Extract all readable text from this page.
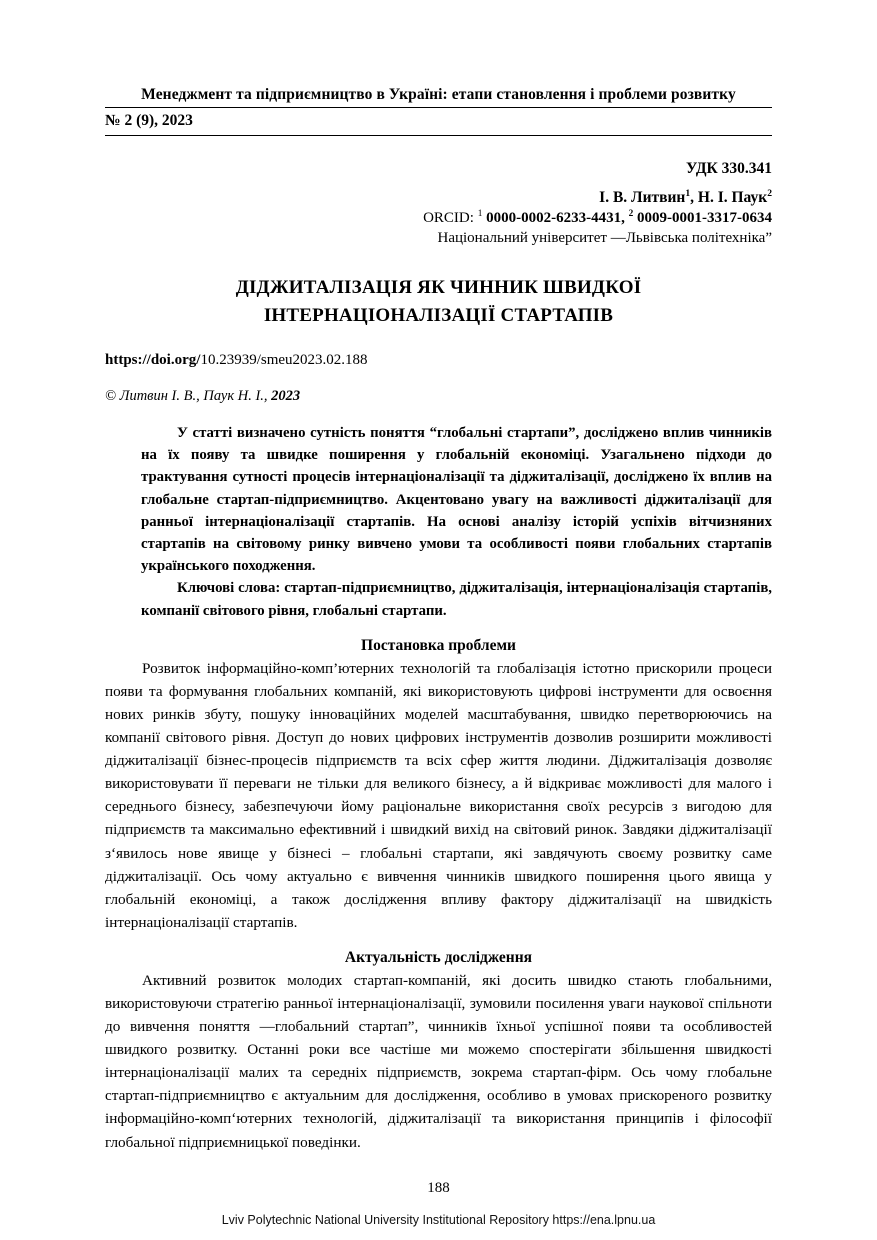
Менеджмент та підприємництво в Україні: етапи становлення і проблеми розвитку
№ 2 (9), 2023
УДК 330.341
І. В. Литвин$^1$, Н. І. Паук$^2$
ORCID: $^1$ 0000-0002-6233-4431, $^2$ 0009-0001-3317-0634
Національний університет —Львівська політехніка”
ДІДЖИТАЛІЗАЦІЯ ЯК ЧИННИК ШВИДКОЇ
ІНТЕРНАЦІОНАЛІЗАЦІЇ СТАРТАПІВ
https://doi.org/10.23939/smeu2023.02.188
© Литвин І. В., Паук Н. І., 2023

У статті визначено сутність поняття “глобальні стартапи”, досліджено вплив чинників на їх появу та швидке поширення у глобальній економіці. Узагальнено підходи до трактування сутності процесів інтернаціоналізації та діджиталізації, досліджено їх вплив на глобальне стартап-підприємництво. Акцентовано увагу на важливості діджиталізації для ранньої інтернаціоналізації стартапів. На основі аналізу історій успіхів вітчизняних стартапів на світовому ринку вивчено умови та особливості появи глобальних стартапів українського походження.

Ключові слова: стартап-підприємництво, діджиталізація, інтернаціоналізація стартапів, компанії світового рівня, глобальні стартапи.

Постановка проблеми

Розвиток інформаційно-комп’ютерних технологій та глобалізація істотно прискорили процеси появи та формування глобальних компаній, які використовують цифрові інструменти для освоєння нових ринків збуту, пошуку інноваційних моделей масштабування, швидко перетворюючись на компанії світового рівня. Доступ до нових цифрових інструментів дозволив розширити можливості діджиталізації бізнес-процесів підприємств та всіх сфер життя людини. Діджиталізація дозволяє використовувати її переваги не тільки для великого бізнесу, а й відкриває можливості для малого і середнього бізнесу, забезпечуючи йому раціональне використання своїх ресурсів з вигодою для підприємств та максимально ефективний і швидкий вихід на світовий ринок. Завдяки діджиталізації з‘явилось нове явище у бізнесі – глобальні стартапи, які завдячують своєму розвитку саме діджиталізації. Ось чому актуально є вивчення чинників швидкого поширення цього явища у глобальній економіці, а також дослідження впливу фактору діджиталізації на швидкість інтернаціоналізації стартапів.

Актуальність дослідження

Активний розвиток молодих стартап-компаній, які досить швидко стають глобальними, використовуючи стратегію ранньої інтернаціоналізації, зумовили посилення уваги наукової спільноти до вивчення поняття —глобальний стартап”, чинників їхньої успішної появи та особливостей швидкого розвитку. Останні роки все частіше ми можемо спостерігати збільшення швидкості інтернаціоналізації малих та середніх підприємств, зокрема стартап-фірм. Ось чому глобальне стартап-підприємництво є актуальним для дослідження, особливо в умовах прискореного розвитку інформаційно-комп‘ютерних технологій, діджиталізації та використання принципів і філософії глобальної підприємницької поведінки.

188
Lviv Polytechnic National University Institutional Repository https://ena.lpnu.ua
